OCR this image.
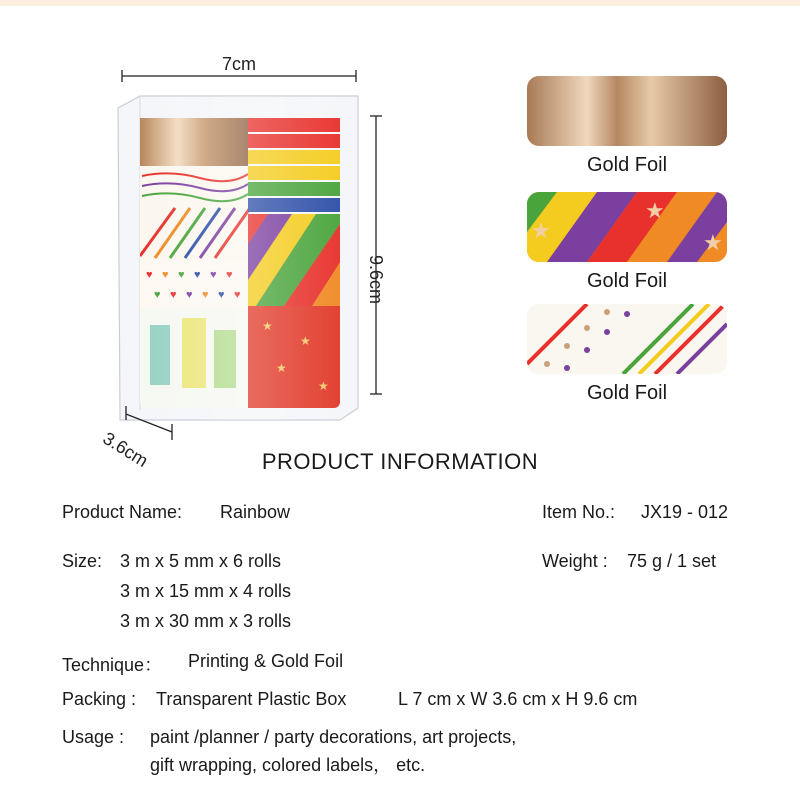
7cm
9.6cm
3.6cm
Gold Foil
★
★
★
Gold Foil
Gold Foil
PRODUCT INFORMATION
Product Name: Rainbow	Item No.: JX19 - 012
Size: 3 m x 5 mm x 6 rolls
3 m x 15 mm x 4 rolls
3 m x 30 mm x 3 rolls
Weight : 75 g / 1 set
Technique： Printing & Gold Foil
Packing : Transparent Plastic Box	L 7 cm x W 3.6 cm x H 9.6 cm
Usage : paint /planner / party decorations, art projects,
gift wrapping, colored labels， etc.
